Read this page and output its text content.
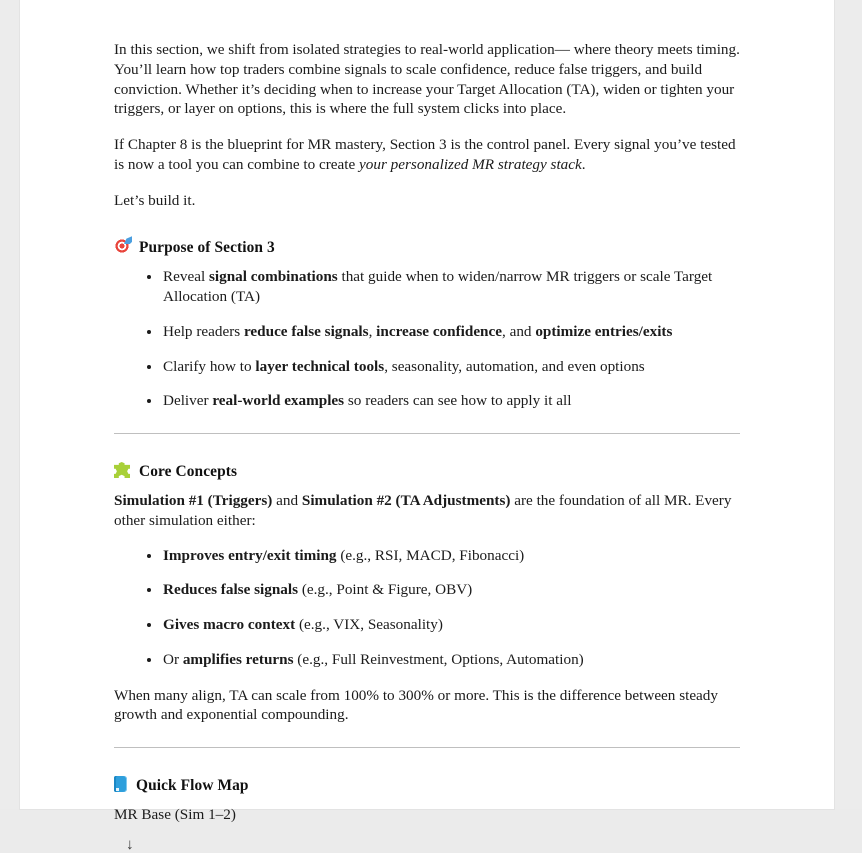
In this section, we shift from isolated strategies to real-world application— where theory meets timing. You’ll learn how top traders combine signals to scale confidence, reduce false triggers, and build conviction. Whether it’s deciding when to increase your Target Allocation (TA), widen or tighten your triggers, or layer on options, this is where the full system clicks into place.

If Chapter 8 is the blueprint for MR mastery, Section 3 is the control panel. Every signal you’ve tested is now a tool you can combine to create your personalized MR strategy stack.

Let’s build it.

Purpose of Section 3
Reveal signal combinations that guide when to widen/narrow MR triggers or scale Target Allocation (TA)
Help readers reduce false signals, increase confidence, and optimize entries/exits
Clarify how to layer technical tools, seasonality, automation, and even options
Deliver real-world examples so readers can see how to apply it all
Core Concepts

Simulation #1 (Triggers) and Simulation #2 (TA Adjustments) are the foundation of all MR. Every other simulation either:

Improves entry/exit timing (e.g., RSI, MACD, Fibonacci)
Reduces false signals (e.g., Point & Figure, OBV)
Gives macro context (e.g., VIX, Seasonality)
Or amplifies returns (e.g., Full Reinvestment, Options, Automation)

When many align, TA can scale from 100% to 300% or more. This is the difference between steady growth and exponential compounding.

Quick Flow Map

MR Base (Sim 1–2)

↓
